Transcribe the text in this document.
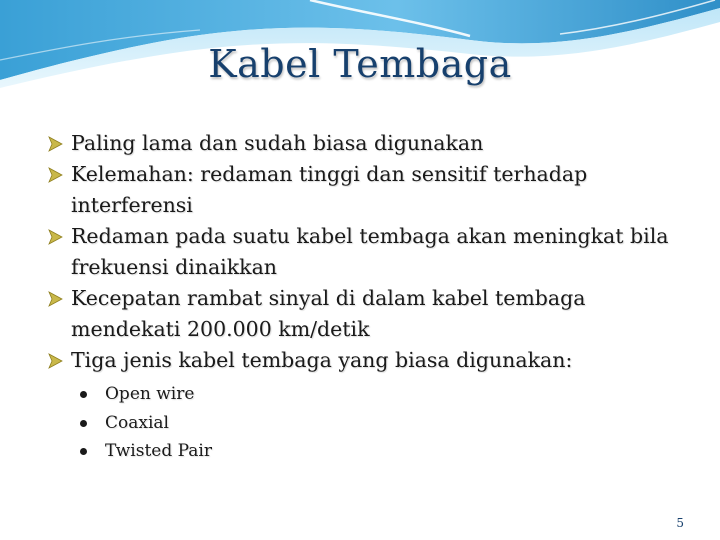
Kabel Tembaga
Paling lama dan sudah biasa digunakan
Kelemahan: redaman tinggi dan sensitif terhadap interferensi
Redaman pada suatu kabel tembaga akan meningkat bila frekuensi dinaikkan
Kecepatan rambat sinyal di dalam kabel tembaga mendekati 200.000 km/detik
Tiga jenis kabel tembaga yang biasa digunakan:
Open wire
Coaxial
Twisted Pair
5
